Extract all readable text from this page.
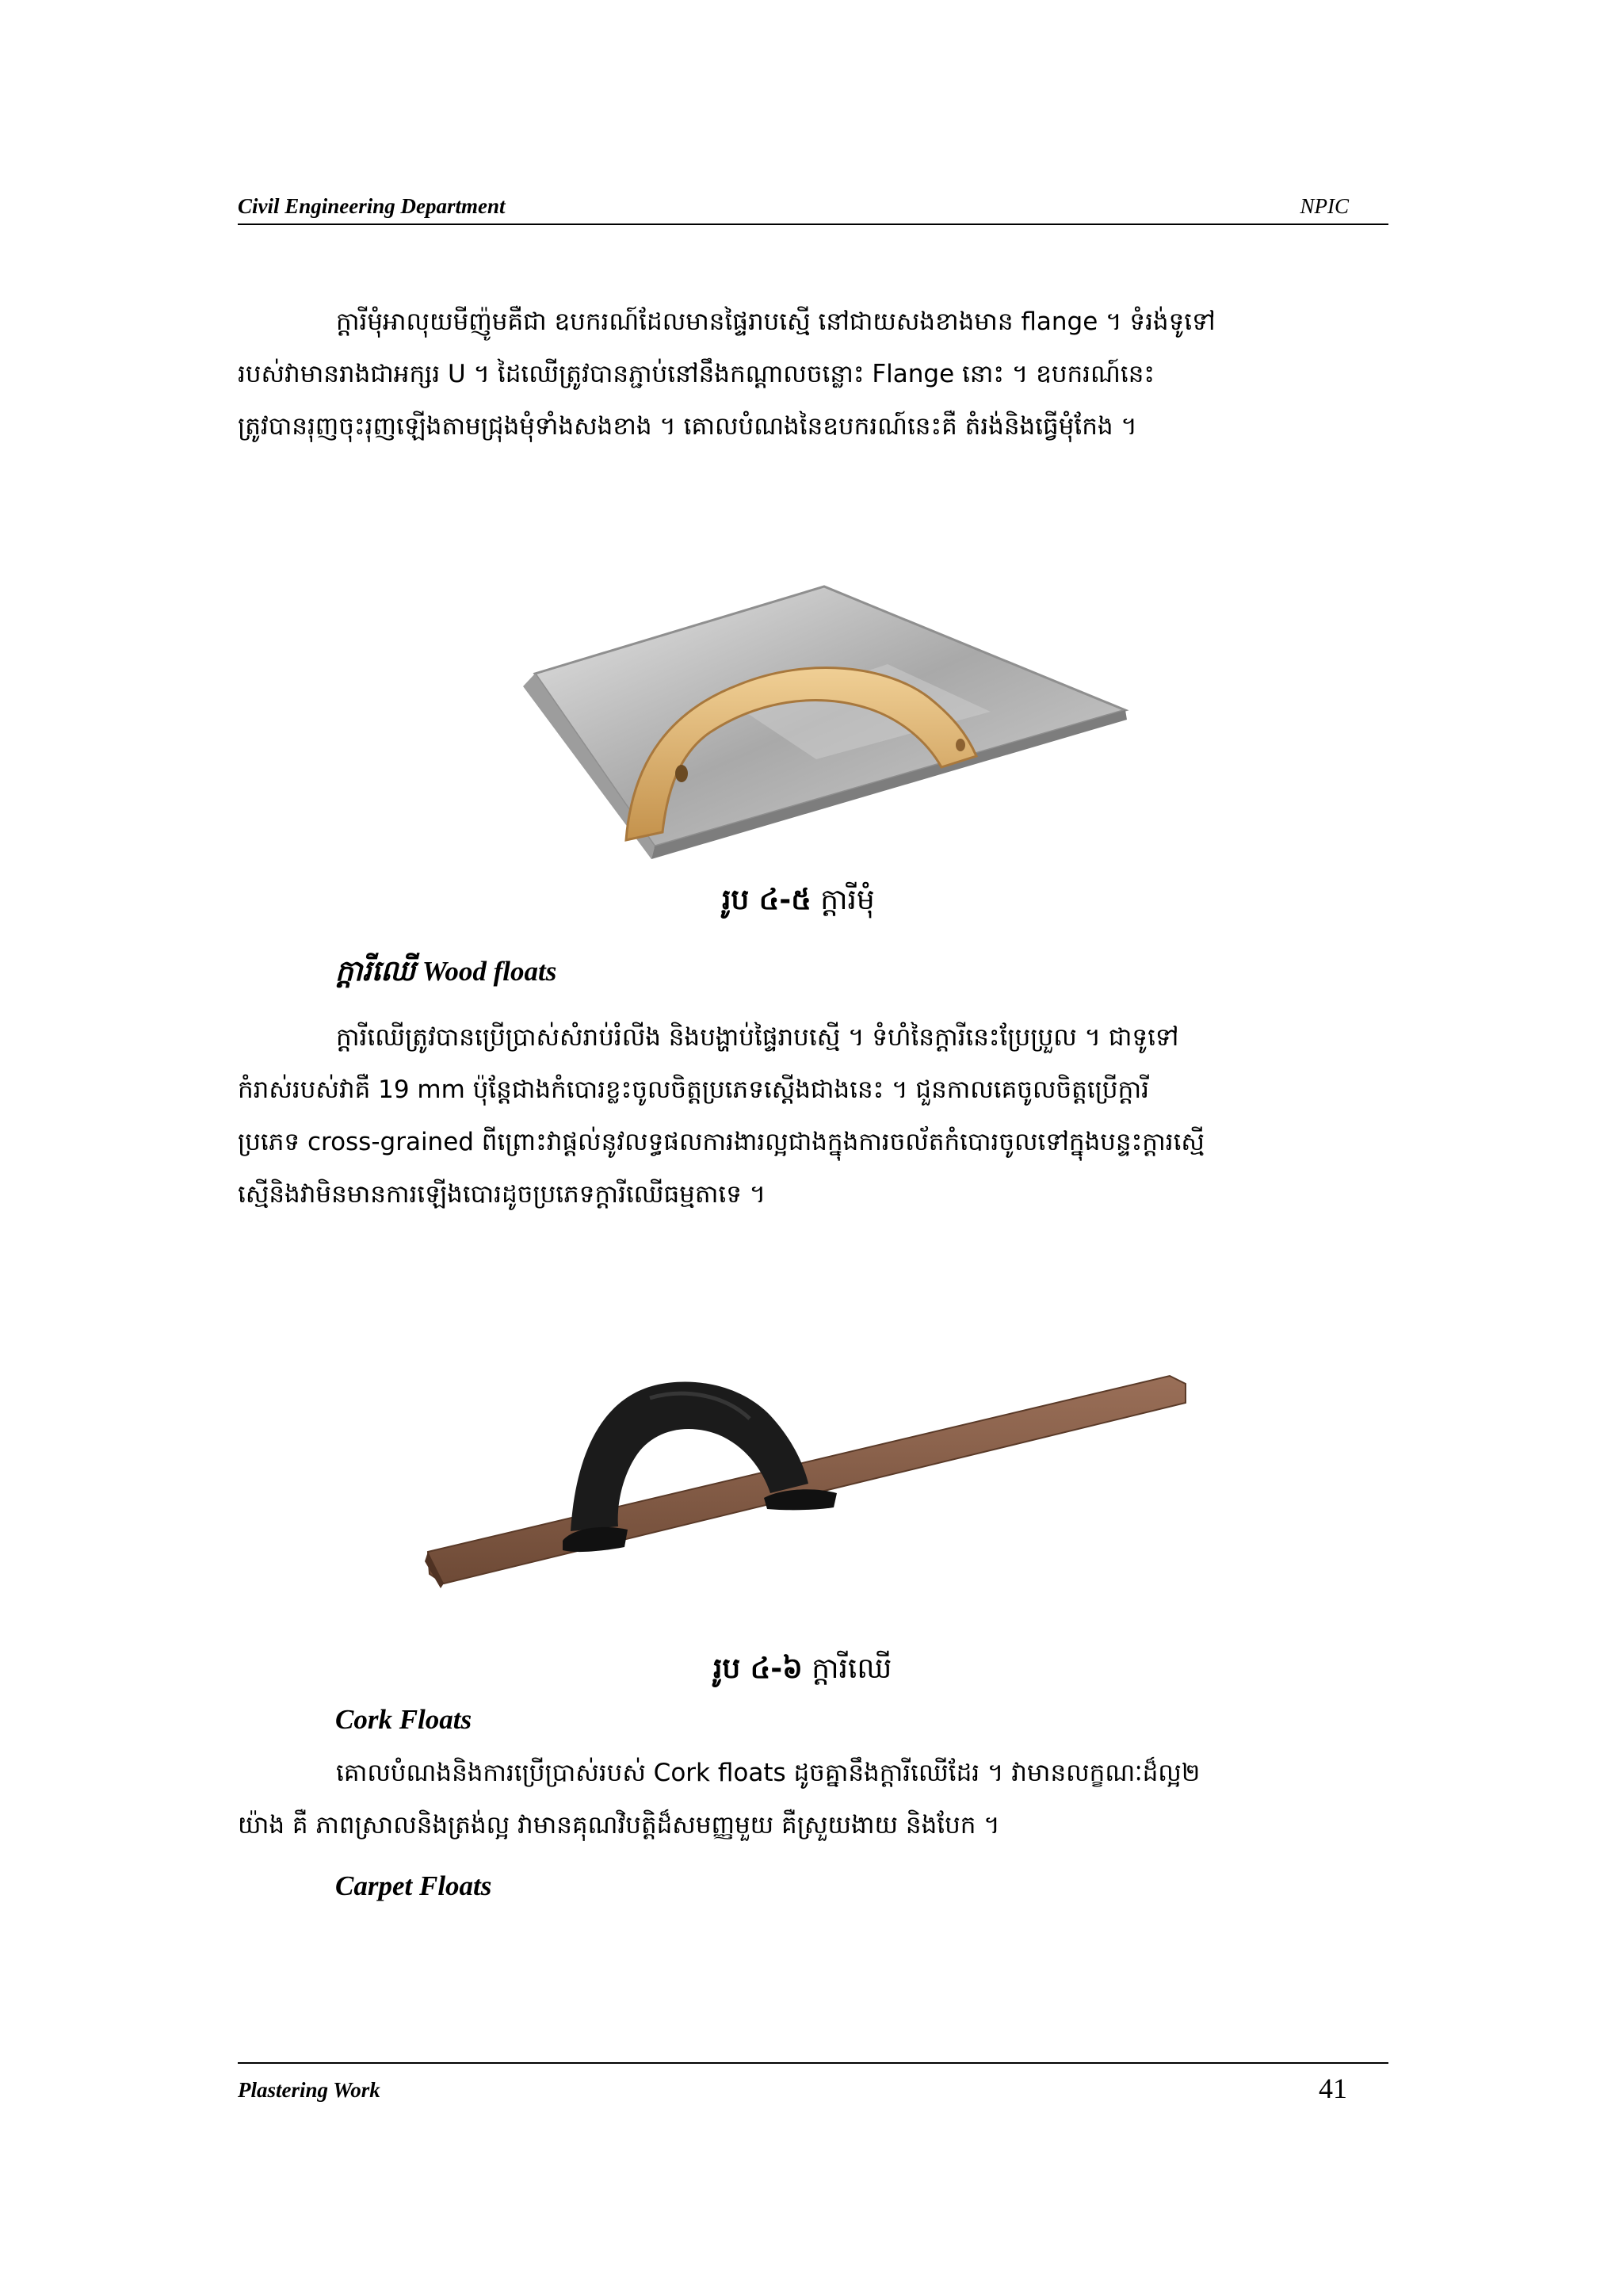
Civil Engineering Department	NPIC
ក្តារីមុំអាលុយមីញ៉ូមគឺជា ឧបករណ៍ដែលមានផ្ទៃរាបស្មើ នៅជាយសងខាងមាន flange ។ ទំរង់ទូទៅ
របស់វាមានរាងជាអក្សរ U ។ ដៃឈើត្រូវបានភ្ជាប់នៅនឹងកណ្តាលចន្លោះ Flange នោះ ។ ឧបករណ៍នេះ
ត្រូវបានរុញចុះរុញឡើងតាមជ្រុងមុំទាំងសងខាង ។ គោលបំណងនៃឧបករណ៍នេះគឺ តំរង់និងធ្វើមុំកែង ។
រូប ៤-៥ ក្តារីមុំ
ក្តារីឈើ Wood floats
ក្តារីឈើត្រូវបានប្រើប្រាស់សំរាប់រំលីង និងបង្ហាប់ផ្ទៃរាបស្មើ ។ ទំហំនៃក្តារីនេះប្រែប្រួល ។ ជាទូទៅ
កំរាស់របស់វាគឺ 19 mm ប៉ុន្តែជាងកំបោរខ្លះចូលចិត្តប្រភេទស្តើងជាងនេះ ។ ជួនកាលគេចូលចិត្តប្រើក្តារី
ប្រភេទ cross-grained ពីព្រោះវាផ្តល់នូវលទ្ធផលការងារល្អជាងក្នុងការចល័តកំបោរចូលទៅក្នុងបន្ទះក្តារស្មើ
ស្មើនិងវាមិនមានការឡើងបោរដូចប្រភេទក្តារីឈើធម្មតាទេ ។
រូប ៤-៦ ក្តារីឈើ
Cork Floats
គោលបំណងនិងការប្រើប្រាស់របស់ Cork floats ដូចគ្នានឹងក្តារីឈើដែរ ។ វាមានលក្ខណៈដ៏ល្អ២
យ៉ាង គឺ ភាពស្រាលនិងត្រង់ល្អ វាមានគុណវិបត្តិដ៏សមញ្ញមួយ គឺស្រួយងាយ និងបែក ។
Carpet Floats
Plastering Work	41
